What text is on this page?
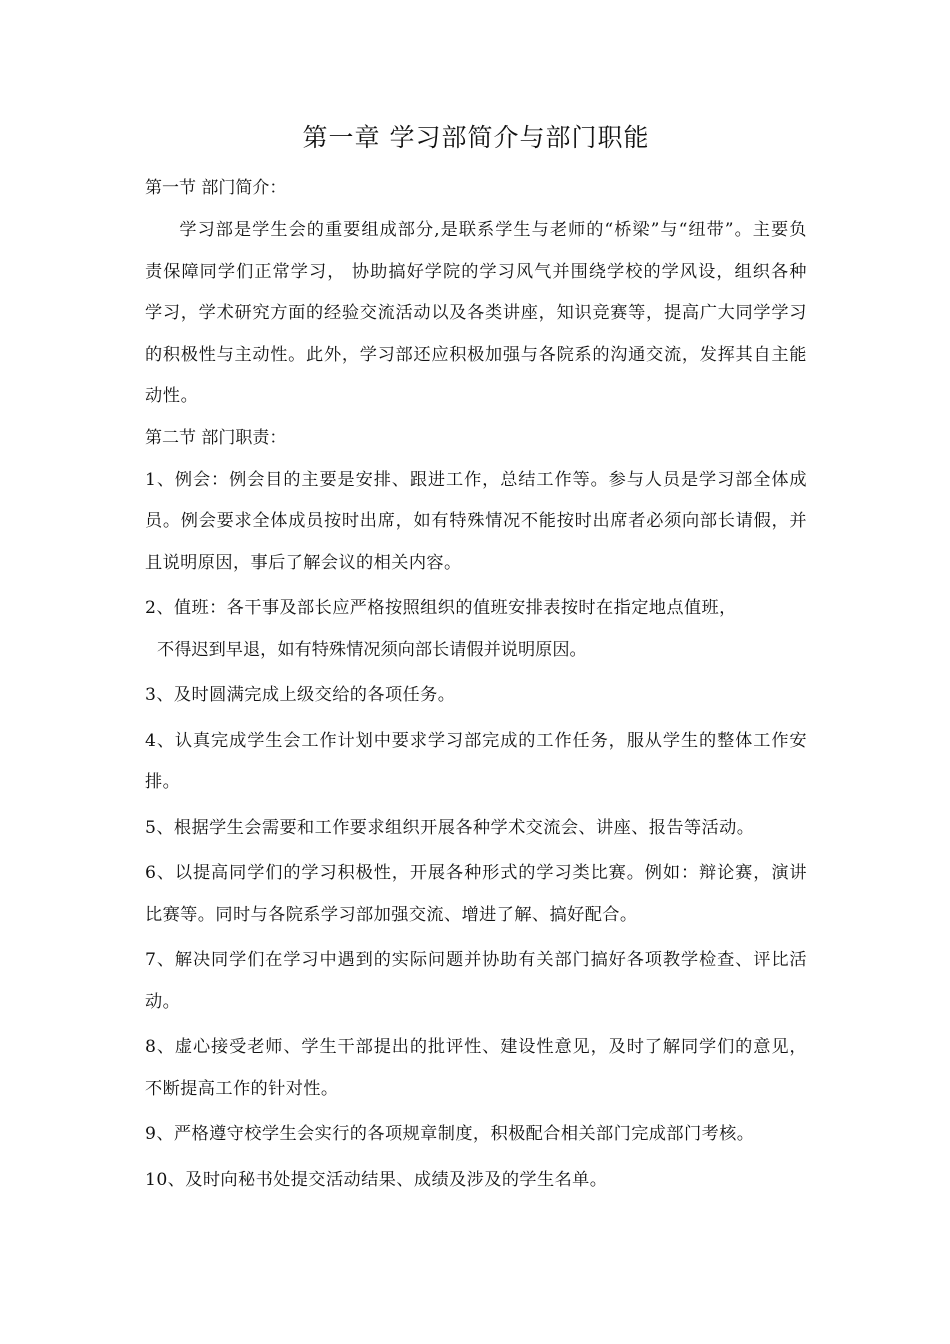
第一章 学习部简介与部门职能
第一节 部门简介：

学习部是学生会的重要组成部分,是联系学生与老师的“桥梁”与“纽带”。主要负责保障同学们正常学习， 协助搞好学院的学习风气并围绕学校的学风设，组织各种学习，学术研究方面的经验交流活动以及各类讲座，知识竞赛等，提高广大同学学习的积极性与主动性。此外，学习部还应积极加强与各院系的沟通交流，发挥其自主能动性。

第二节 部门职责：

1、例会：例会目的主要是安排、跟进工作，总结工作等。参与人员是学习部全体成员。例会要求全体成员按时出席，如有特殊情况不能按时出席者必须向部长请假，并且说明原因，事后了解会议的相关内容。

2、值班：各干事及部长应严格按照组织的值班安排表按时在指定地点值班，

不得迟到早退，如有特殊情况须向部长请假并说明原因。

3、及时圆满完成上级交给的各项任务。

4、认真完成学生会工作计划中要求学习部完成的工作任务，服从学生的整体工作安排。

5、根据学生会需要和工作要求组织开展各种学术交流会、讲座、报告等活动。

6、以提高同学们的学习积极性，开展各种形式的学习类比赛。例如：辩论赛，演讲比赛等。同时与各院系学习部加强交流、增进了解、搞好配合。

7、解决同学们在学习中遇到的实际问题并协助有关部门搞好各项教学检查、评比活动。

8、虚心接受老师、学生干部提出的批评性、建设性意见，及时了解同学们的意见，不断提高工作的针对性。

9、严格遵守校学生会实行的各项规章制度，积极配合相关部门完成部门考核。

10、及时向秘书处提交活动结果、成绩及涉及的学生名单。
